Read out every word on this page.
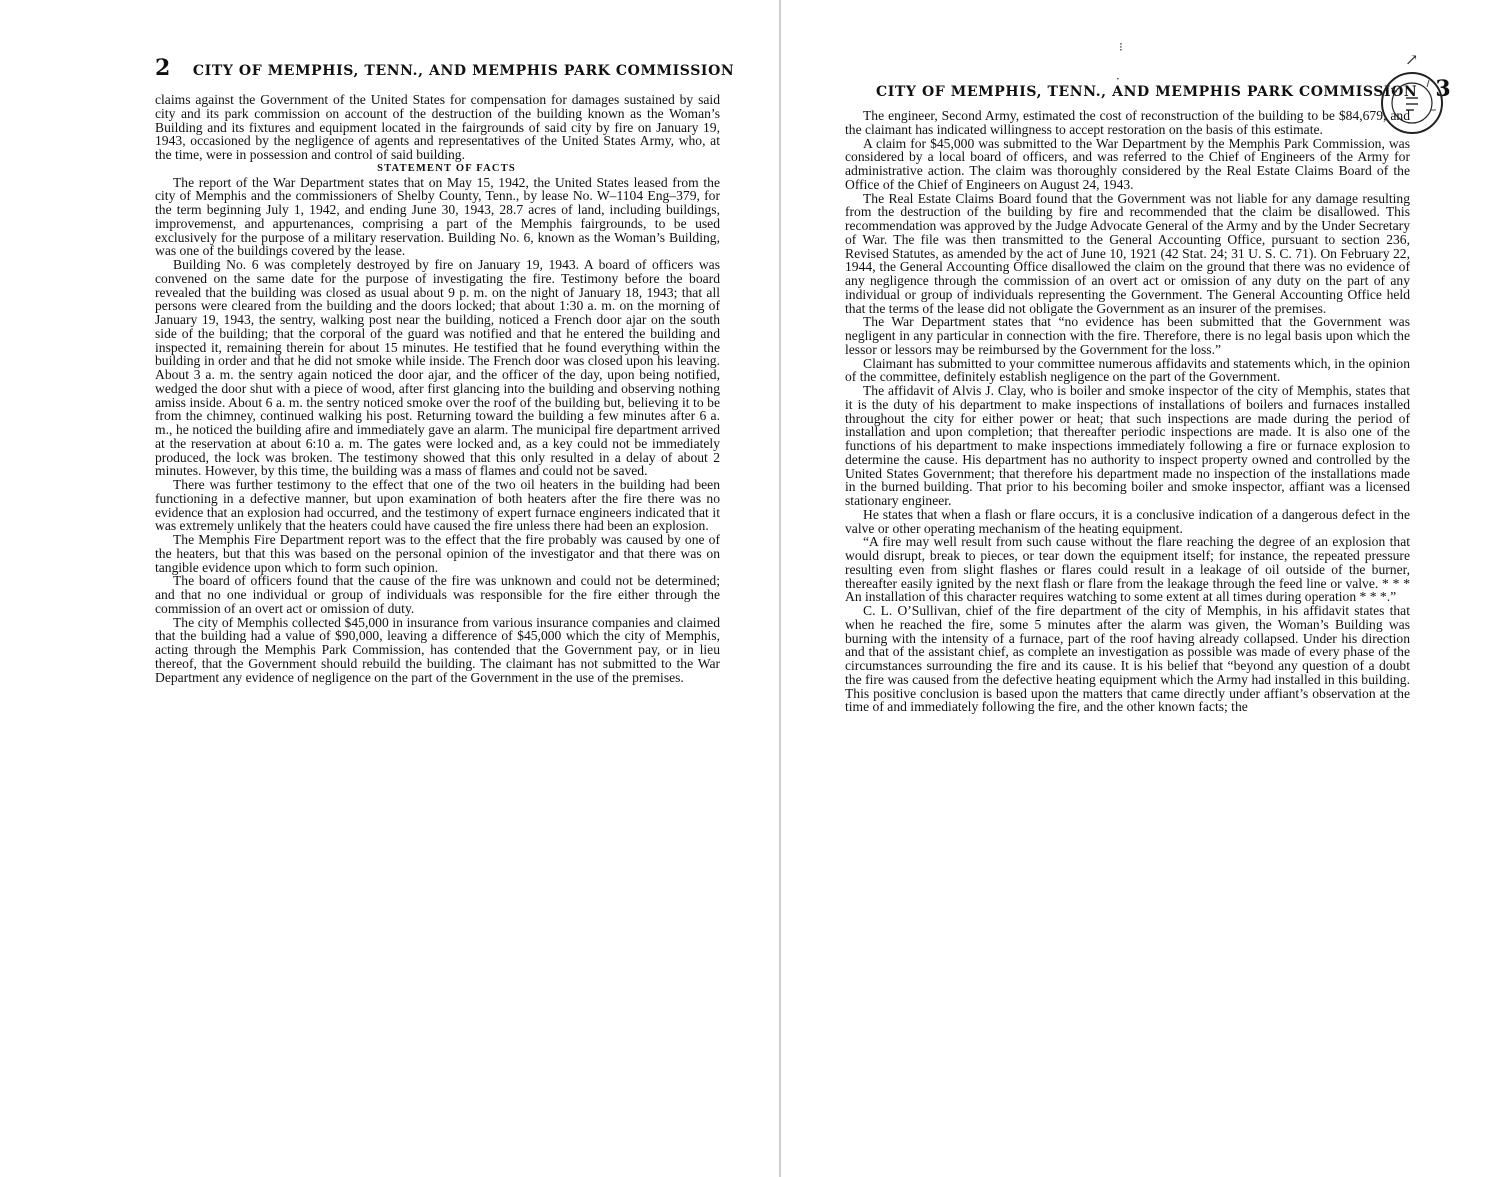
2 CITY OF MEMPHIS, TENN., AND MEMPHIS PARK COMMISSION

claims against the Government of the United States for compensation for damages sustained by said city and its park commission on account of the destruction of the building known as the Woman’s Building and its fixtures and equipment located in the fairgrounds of said city by fire on January 19, 1943, occasioned by the negligence of agents and representatives of the United States Army, who, at the time, were in possession and control of said building.

STATEMENT OF FACTS

The report of the War Department states that on May 15, 1942, the United States leased from the city of Memphis and the commissioners of Shelby County, Tenn., by lease No. W–1104 Eng–379, for the term beginning July 1, 1942, and ending June 30, 1943, 28.7 acres of land, including buildings, improvemenst, and appurtenances, comprising a part of the Memphis fairgrounds, to be used exclusively for the purpose of a military reservation. Building No. 6, known as the Woman’s Building, was one of the buildings covered by the lease.

Building No. 6 was completely destroyed by fire on January 19, 1943. A board of officers was convened on the same date for the purpose of investigating the fire. Testimony before the board revealed that the building was closed as usual about 9 p. m. on the night of January 18, 1943; that all persons were cleared from the building and the doors locked; that about 1:30 a. m. on the morning of January 19, 1943, the sentry, walking post near the building, noticed a French door ajar on the south side of the building; that the corporal of the guard was notified and that he entered the building and inspected it, remaining therein for about 15 minutes. He testified that he found everything within the building in order and that he did not smoke while inside. The French door was closed upon his leaving. About 3 a. m. the sentry again noticed the door ajar, and the officer of the day, upon being notified, wedged the door shut with a piece of wood, after first glancing into the building and observing nothing amiss inside. About 6 a. m. the sentry noticed smoke over the roof of the building but, believing it to be from the chimney, continued walking his post. Returning toward the building a few minutes after 6 a. m., he noticed the building afire and immediately gave an alarm. The municipal fire department arrived at the reservation at about 6:10 a. m. The gates were locked and, as a key could not be immediately produced, the lock was broken. The testimony showed that this only resulted in a delay of about 2 minutes. However, by this time, the building was a mass of flames and could not be saved.

There was further testimony to the effect that one of the two oil heaters in the building had been functioning in a defective manner, but upon examination of both heaters after the fire there was no evidence that an explosion had occurred, and the testimony of expert furnace engineers indicated that it was extremely unlikely that the heaters could have caused the fire unless there had been an explosion.

The Memphis Fire Department report was to the effect that the fire probably was caused by one of the heaters, but that this was based on the personal opinion of the investigator and that there was on tangible evidence upon which to form such opinion.

The board of officers found that the cause of the fire was unknown and could not be determined; and that no one individual or group of individuals was responsible for the fire either through the commission of an overt act or omission of duty.

The city of Memphis collected $45,000 in insurance from various insurance companies and claimed that the building had a value of $90,000, leaving a difference of $45,000 which the city of Memphis, acting through the Memphis Park Commission, has contended that the Government pay, or in lieu thereof, that the Government should rebuild the building. The claimant has not submitted to the War Department any evidence of negligence on the part of the Government in the use of the premises.

⁝
·
↗
CITY OF MEMPHIS, TENN., AND MEMPHIS PARK COMMISSION 3

The engineer, Second Army, estimated the cost of reconstruction of the building to be $84,679, and the claimant has indicated willingness to accept restoration on the basis of this estimate.

A claim for $45,000 was submitted to the War Department by the Memphis Park Commission, was considered by a local board of officers, and was referred to the Chief of Engineers of the Army for administrative action. The claim was thoroughly considered by the Real Estate Claims Board of the Office of the Chief of Engineers on August 24, 1943.

The Real Estate Claims Board found that the Government was not liable for any damage resulting from the destruction of the building by fire and recommended that the claim be disallowed. This recommendation was approved by the Judge Advocate General of the Army and by the Under Secretary of War. The file was then transmitted to the General Accounting Office, pursuant to section 236, Revised Statutes, as amended by the act of June 10, 1921 (42 Stat. 24; 31 U. S. C. 71). On February 22, 1944, the General Accounting Office disallowed the claim on the ground that there was no evidence of any negligence through the commission of an overt act or omission of any duty on the part of any individual or group of individuals representing the Government. The General Accounting Office held that the terms of the lease did not obligate the Government as an insurer of the premises.

The War Department states that “no evidence has been submitted that the Government was negligent in any particular in connection with the fire. Therefore, there is no legal basis upon which the lessor or lessors may be reimbursed by the Government for the loss.”

Claimant has submitted to your committee numerous affidavits and statements which, in the opinion of the committee, definitely establish negligence on the part of the Government.

The affidavit of Alvis J. Clay, who is boiler and smoke inspector of the city of Memphis, states that it is the duty of his department to make inspections of installations of boilers and furnaces installed throughout the city for either power or heat; that such inspections are made during the period of installation and upon completion; that thereafter periodic inspections are made. It is also one of the functions of his department to make inspections immediately following a fire or furnace explosion to determine the cause. His department has no authority to inspect property owned and controlled by the United States Government; that therefore his department made no inspection of the installations made in the burned building. That prior to his becoming boiler and smoke inspector, affiant was a licensed stationary engineer.

He states that when a flash or flare occurs, it is a conclusive indication of a dangerous defect in the valve or other operating mechanism of the heating equipment.

“A fire may well result from such cause without the flare reaching the degree of an explosion that would disrupt, break to pieces, or tear down the equipment itself; for instance, the repeated pressure resulting even from slight flashes or flares could result in a leakage of oil outside of the burner, thereafter easily ignited by the next flash or flare from the leakage through the feed line or valve. * * * An installation of this character requires watching to some extent at all times during operation * * *.”

C. L. O’Sullivan, chief of the fire department of the city of Memphis, in his affidavit states that when he reached the fire, some 5 minutes after the alarm was given, the Woman’s Building was burning with the intensity of a furnace, part of the roof having already collapsed. Under his direction and that of the assistant chief, as complete an investigation as possible was made of every phase of the circumstances surrounding the fire and its cause. It is his belief that “beyond any question of a doubt the fire was caused from the defective heating equipment which the Army had installed in this building. This positive conclusion is based upon the matters that came directly under affiant’s observation at the time of and immediately following the fire, and the other known facts; the
